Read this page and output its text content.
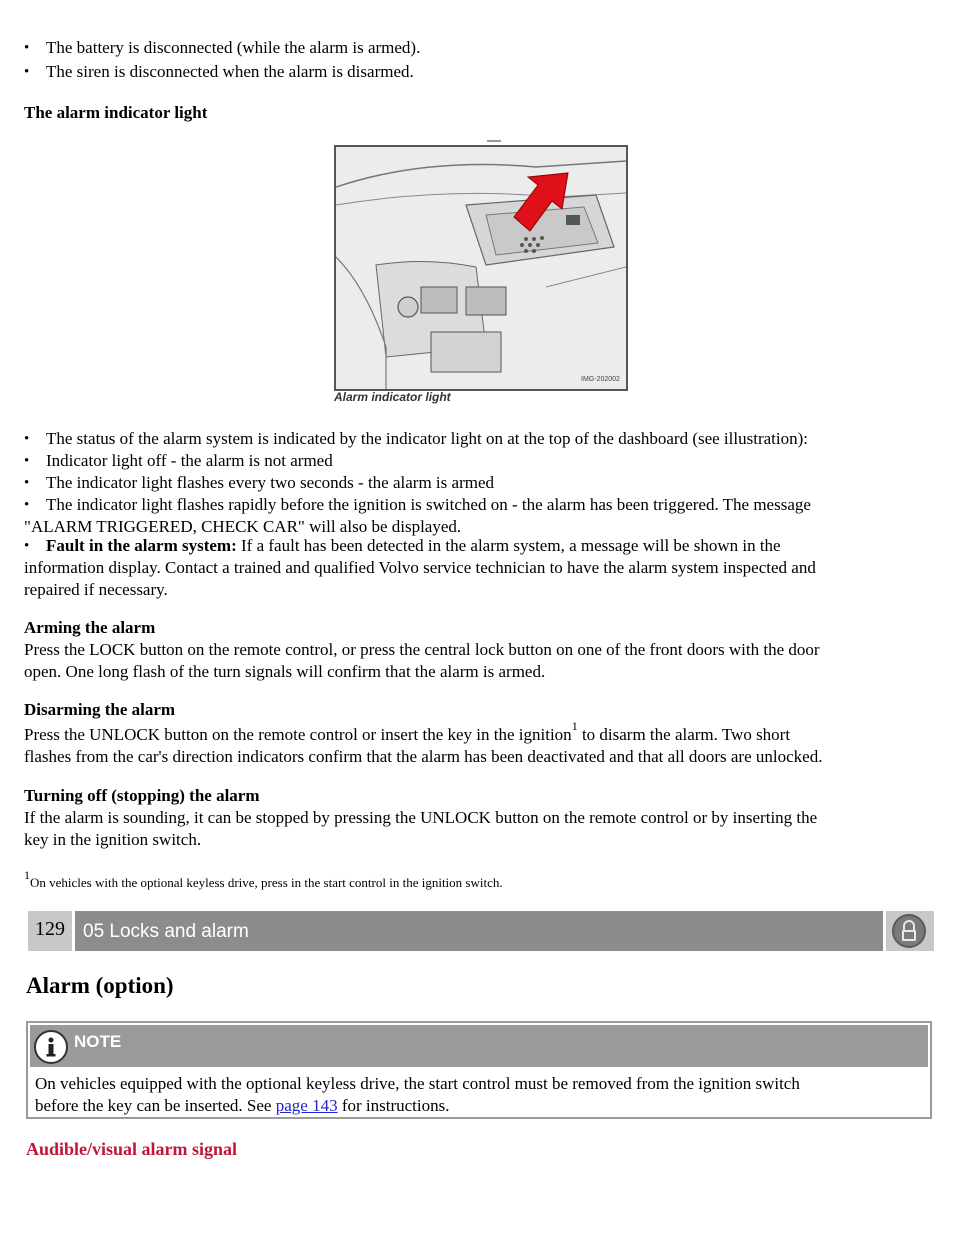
The battery is disconnected (while the alarm is armed).
The siren is disconnected when the alarm is disarmed.
The alarm indicator light
IMG-202002
Alarm indicator light
The status of the alarm system is indicated by the indicator light on at the top of the dashboard (see illustration):
Indicator light off - the alarm is not armed
The indicator light flashes every two seconds - the alarm is armed
The indicator light flashes rapidly before the ignition is switched on - the alarm has been triggered. The message
"ALARM TRIGGERED, CHECK CAR" will also be displayed.
Fault in the alarm system: If a fault has been detected in the alarm system, a message will be shown in the
information display. Contact a trained and qualified Volvo service technician to have the alarm system inspected and
repaired if necessary.
Arming the alarm
Press the LOCK button on the remote control, or press the central lock button on one of the front doors with the door
open. One long flash of the turn signals will confirm that the alarm is armed.
Disarming the alarm
Press the UNLOCK button on the remote control or insert the key in the ignition$^1$ to disarm the alarm. Two short
flashes from the car's direction indicators confirm that the alarm has been deactivated and that all doors are unlocked.
Turning off (stopping) the alarm
If the alarm is sounding, it can be stopped by pressing the UNLOCK button on the remote control or by inserting the
key in the ignition switch.
$^1$On vehicles with the optional keyless drive, press in the start control in the ignition switch.
129 05 Locks and alarm
Alarm (option)
NOTE
On vehicles equipped with the optional keyless drive, the start control must be removed from the ignition switch
before the key can be inserted. See page 143 for instructions.
Audible/visual alarm signal
